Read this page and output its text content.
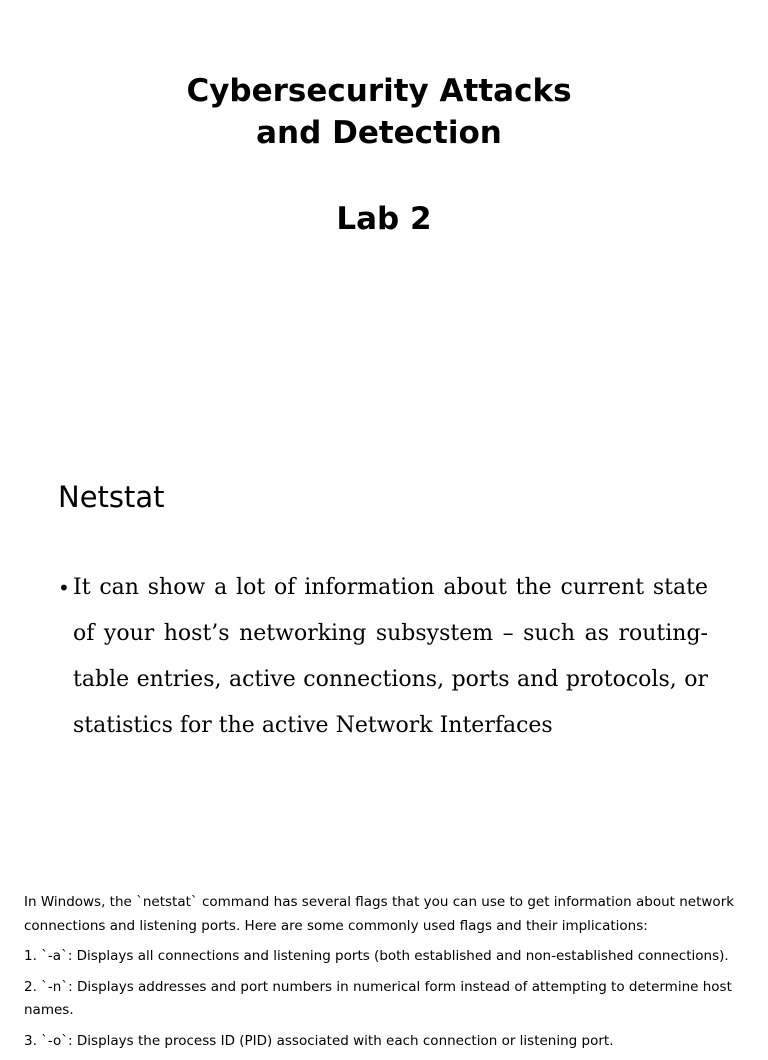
Cybersecurity Attacks
and Detection
Lab 2
Netstat
• It can show a lot of information about the current state of your host’s networking subsystem – such as routing-table entries, active connections, ports and protocols, or statistics for the active Network Interfaces

In Windows, the `netstat` command has several flags that you can use to get information about network connections and listening ports. Here are some commonly used flags and their implications:

1. `-a`: Displays all connections and listening ports (both established and non-established connections).

2. `-n`: Displays addresses and port numbers in numerical form instead of attempting to determine host names.

3. `-o`: Displays the process ID (PID) associated with each connection or listening port.
